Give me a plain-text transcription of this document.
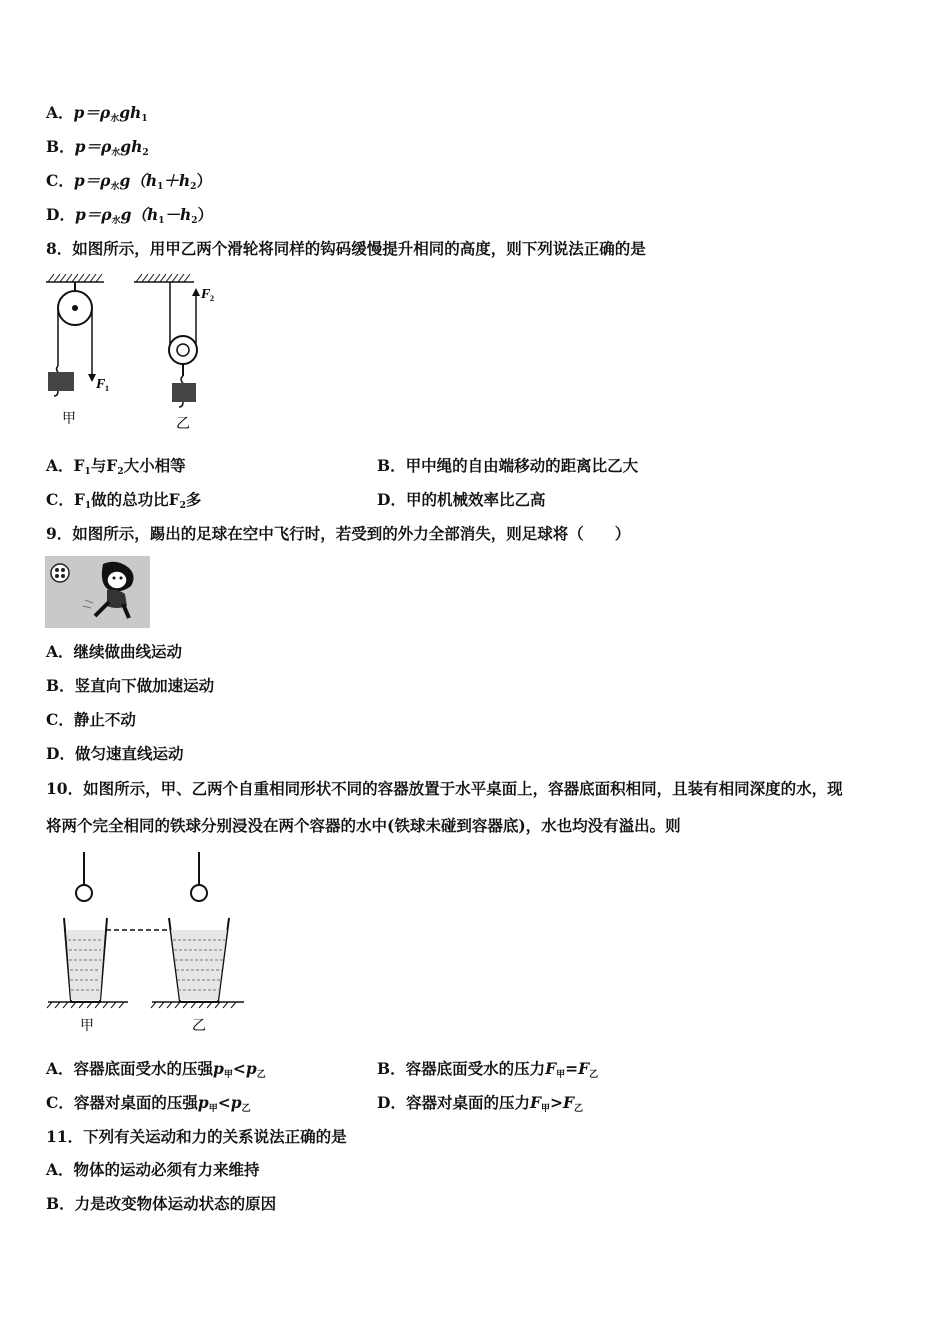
A．$p=\rho_水gh_1$
B．$p=\rho_水gh_2$
C．$p=\rho_水g(h_1+h_2)$
D．$p=\rho_水g(h_1-h_2)$
8．如图所示，用甲乙两个滑轮将同样的钩码缓慢提升相同的高度，则下列说法正确的是
F 1
甲
F 2
乙
A．$F_1$与$F_2$大小相等	B．甲中绳的自由端移动的距离比乙大
C．$F_1$做的总功比$F_2$多	D．甲的机械效率比乙高
9．如图所示，踢出的足球在空中飞行时，若受到的外力全部消失，则足球将（　　）
A．继续做曲线运动
B．竖直向下做加速运动
C．静止不动
D．做匀速直线运动
10．如图所示，甲、乙两个自重相同形状不同的容器放置于水平桌面上，容器底面积相同，且装有相同深度的水，现
将两个完全相同的铁球分别浸没在两个容器的水中(铁球未碰到容器底)，水也均没有溢出。则
甲	乙
A．容器底面受水的压强$p_甲<p_乙$	B．容器底面受水的压力$F_甲=F_乙$
C．容器对桌面的压强$p_甲<p_乙$	D．容器对桌面的压力$F_甲>F_乙$
11．下列有关运动和力的关系说法正确的是
A．物体的运动必须有力来维持
B．力是改变物体运动状态的原因
